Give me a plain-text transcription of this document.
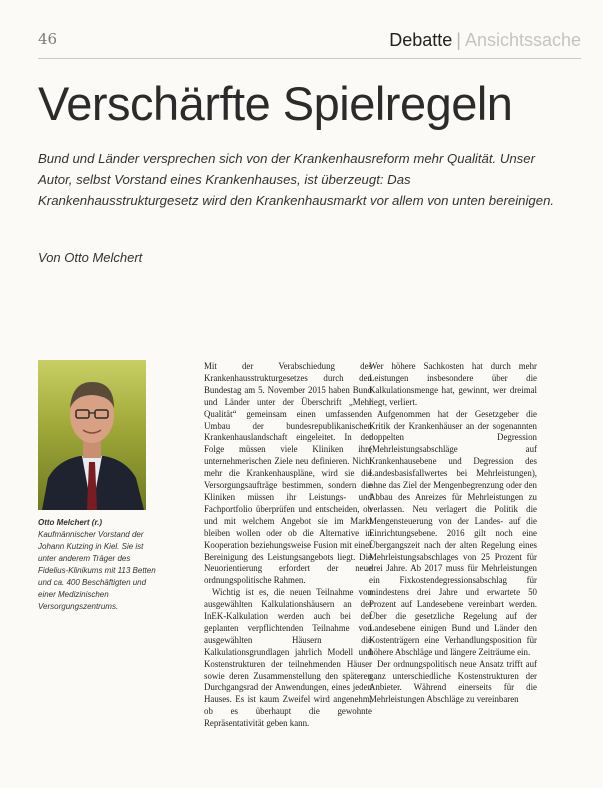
46	Debatte | Ansichtssache
Verschärfte Spielregeln

Bund und Länder versprechen sich von der Krankenhausreform mehr Qualität. Unser Autor, selbst Vorstand eines Krankenhauses, ist überzeugt: Das Krankenhausstrukturgesetz wird den Krankenhausmarkt vor allem von unten bereinigen.

Von Otto Melchert

Otto Melchert (r.) Kaufmännischer Vorstand der Johann Kutzing in Kiel. Sie ist unter anderem Träger des Fidelius-Klinikums mit 113 Betten und ca. 400 Beschäftigten und einer Medizinischen Versorgungszentrums.

Mit der Verabschiedung des Krankenhausstrukturgesetzes durch den Bundestag am 5. November 2015 haben Bund und Länder unter der Überschrift „Mehr Qualität“ gemeinsam einen umfassenden Umbau der bundesrepublikanischen Krankenhauslandschaft eingeleitet. In der Folge müssen viele Kliniken ihre unternehmerischen Ziele neu definieren. Nicht mehr die Krankenhauspläne, wird sie die Versorgungsaufträge bestimmen, sondern die Kliniken müssen ihr Leistungs- und Fachportfolio überprüfen und entscheiden, ob und mit welchem Angebot sie im Markt bleiben wollen oder ob die Alternative in Kooperation beziehungsweise Fusion mit einer Bereinigung des Leistungsangebots liegt. Die Neuorientierung erfordert der neue ordnungspolitische Rahmen.

Wichtig ist es, die neuen Teilnahme von ausgewählten Kalkulationshäusern an der InEK-Kalkulation werden auch bei der geplanten verpflichtenden Teilnahme von ausgewählten Häusern die Kalkulationsgrundlagen jahrlich Modell und Kostenstrukturen der teilnehmenden Häuser sowie deren Zusammenstellung den späteren Durchgangsrad der Anwendungen, eines jeden Hauses. Es ist kaum Zweifel wird angenehm, ob es überhaupt die gewohnte Repräsentativität geben kann.

Wer höhere Sachkosten hat durch mehr Leistungen insbesondere über die Kalkulationsmenge hat, gewinnt, wer dreimal liegt, verliert.

Aufgenommen hat der Gesetzgeber die Kritik der Krankenhäuser an der sogenannten doppelten Degression (Mehrleistungsabschläge auf Krankenhausebene und Degression des Landesbasisfallwertes bei Mehrleistungen), ohne das Ziel der Mengenbegrenzung oder den Abbau des Anreizes für Mehrleistungen zu verlassen. Neu verlagert die Politik die Mengensteuerung von der Landes- auf die Einrichtungsebene. 2016 gilt noch eine Übergangszeit nach der alten Regelung eines Mehrleistungsabschlages von 25 Prozent für drei Jahre. Ab 2017 muss für Mehrleistungen ein Fixkostendegressionsabschlag für mindestens drei Jahre und erwartete 50 Prozent auf Landesebene vereinbart werden. Über die gesetzliche Regelung auf der Landesebene einigen Bund und Länder den Kostenträgern eine Verhandlungsposition für höhere Abschläge und längere Zeiträume ein.

Der ordnungspolitisch neue Ansatz trifft auf ganz unterschiedliche Kostenstrukturen der Anbieter. Während einerseits für die Mehrleistungen Abschläge zu vereinbaren
